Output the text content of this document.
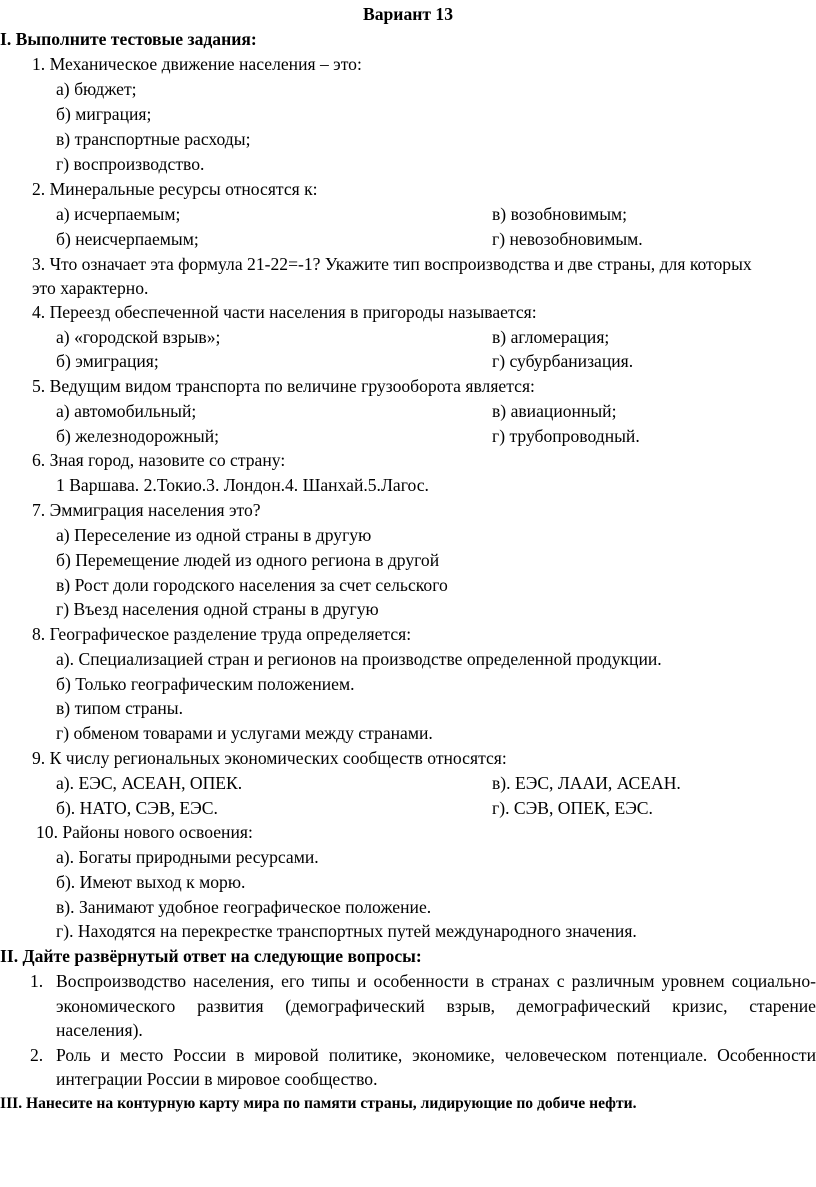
Вариант 13
I. Выполните тестовые задания:
1. Механическое движение населения – это:
а) бюджет;
б) миграция;
в) транспортные расходы;
г) воспроизводство.
2. Минеральные ресурсы относятся к:
а) исчерпаемым;	в) возобновимым;
б) неисчерпаемым;	г) невозобновимым.
3. Что означает эта формула 21-22=-1? Укажите тип воспроизводства и две страны, для которых
это характерно.
4. Переезд обеспеченной части населения в пригороды называется:
а) «городской взрыв»;	в) агломерация;
б) эмиграция;	г) субурбанизация.
5. Ведущим видом транспорта по величине грузооборота является:
а) автомобильный;	в) авиационный;
б) железнодорожный;	г) трубопроводный.
6. Зная город, назовите со страну:
1 Варшава. 2.Токио.3. Лондон.4. Шанхай.5.Лагос.
7. Эммиграция населения это?
а) Переселение из одной страны в другую
б) Перемещение людей из одного региона в другой
в) Рост доли городского населения за счет сельского
г) Въезд населения одной страны в другую
8. Географическое разделение труда определяется:
а). Специализацией стран и регионов на производстве определенной продукции.
б) Только географическим положением.
в) типом страны.
г) обменом товарами и услугами между странами.
9. К числу региональных экономических сообществ относятся:
а). ЕЭС, АСЕАН, ОПЕК.	в). ЕЭС, ЛААИ, АСЕАН.
б). НАТО, СЭВ, ЕЭС.	г). СЭВ, ОПЕК, ЕЭС.
10. Районы нового освоения:
а). Богаты природными ресурсами.
б). Имеют выход к морю.
в). Занимают удобное географическое положение.
г). Находятся на перекрестке транспортных путей международного значения.
II. Дайте развёрнутый ответ на следующие вопросы:
1. Воспроизводство населения, его типы и особенности в странах с различным уровнем социально-
экономического развития (демографический взрыв, демографический кризис, старение
населения).
2. Роль и место России в мировой политике, экономике, человеческом потенциале. Особенности
интеграции России в мировое сообщество.
III. Нанесите на контурную карту мира по памяти страны, лидирующие по добиче нефти.
